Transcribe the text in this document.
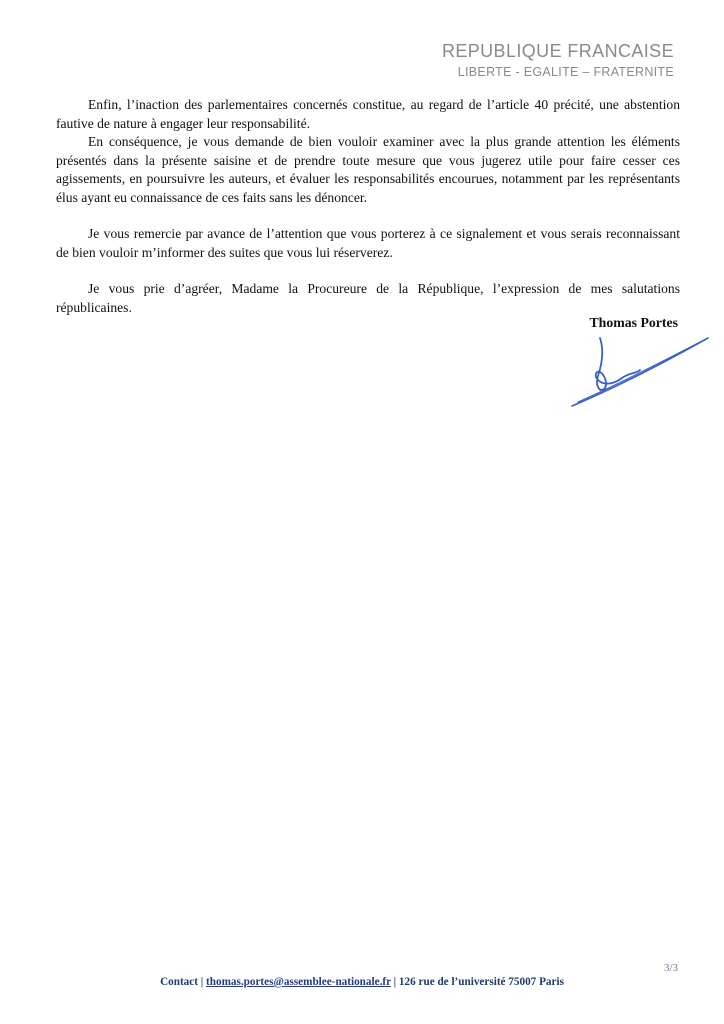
REPUBLIQUE FRANCAISE
LIBERTE - EGALITE – FRATERNITE

Enfin, l’inaction des parlementaires concernés constitue, au regard de l’article 40 précité, une abstention fautive de nature à engager leur responsabilité.

En conséquence, je vous demande de bien vouloir examiner avec la plus grande attention les éléments présentés dans la présente saisine et de prendre toute mesure que vous jugerez utile pour faire cesser ces agissements, en poursuivre les auteurs, et évaluer les responsabilités encourues, notamment par les représentants élus ayant eu connaissance de ces faits sans les dénoncer.

Je vous remercie par avance de l’attention que vous porterez à ce signalement et vous serais reconnaissant de bien vouloir m’informer des suites que vous lui réserverez.

Je vous prie d’agréer, Madame la Procureure de la République, l’expression de mes salutations républicaines.

Thomas Portes
3/3
Contact | thomas.portes@assemblee-nationale.fr | 126 rue de l’université 75007 Paris
